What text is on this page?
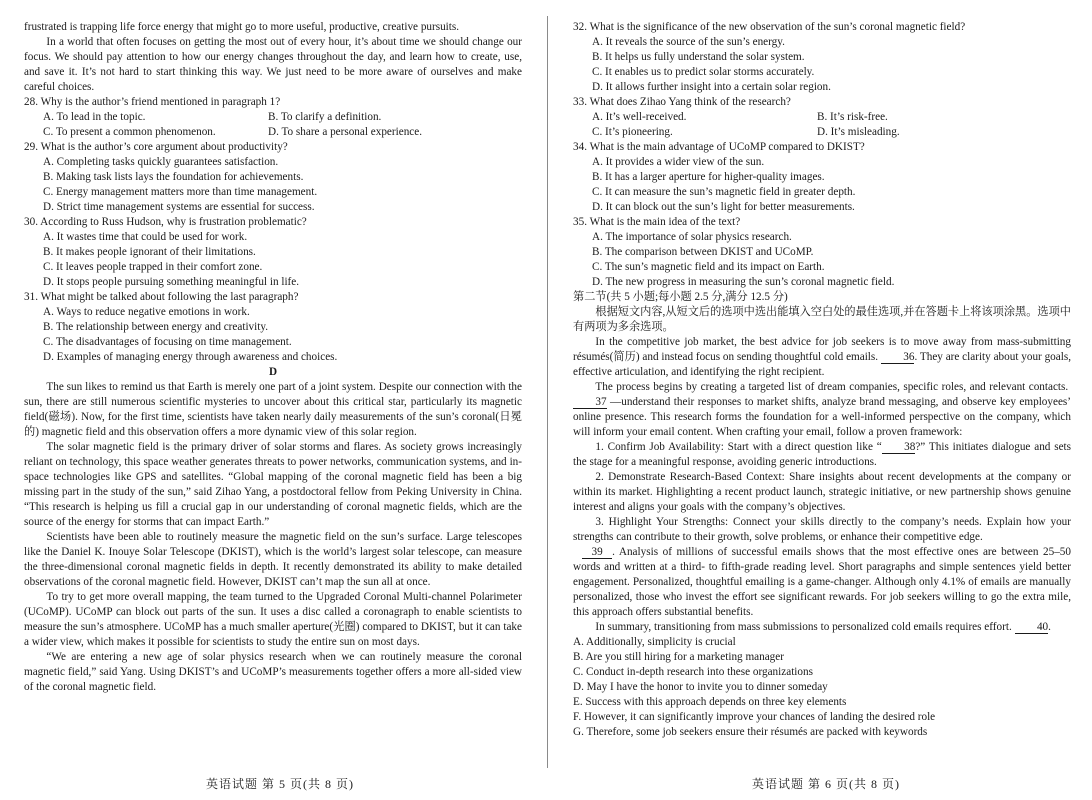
frustrated is trapping life force energy that might go to more useful, productive, creative pursuits.

In a world that often focuses on getting the most out of every hour, it’s about time we should change our focus. We should pay attention to how our energy changes throughout the day, and learn how to create, use, and save it. It’s not hard to start thinking this way. We just need to be more aware of ourselves and make careful choices.

28. Why is the author’s friend mentioned in paragraph 1?

A. To lead in the topic.	B. To clarify a definition.
C. To present a common phenomenon.	D. To share a personal experience.

29. What is the author’s core argument about productivity?

A. Completing tasks quickly guarantees satisfaction.

B. Making task lists lays the foundation for achievements.

C. Energy management matters more than time management.

D. Strict time management systems are essential for success.

30. According to Russ Hudson, why is frustration problematic?

A. It wastes time that could be used for work.

B. It makes people ignorant of their limitations.

C. It leaves people trapped in their comfort zone.

D. It stops people pursuing something meaningful in life.

31. What might be talked about following the last paragraph?

A. Ways to reduce negative emotions in work.

B. The relationship between energy and creativity.

C. The disadvantages of focusing on time management.

D. Examples of managing energy through awareness and choices.

D

The sun likes to remind us that Earth is merely one part of a joint system. Despite our connection with the sun, there are still numerous scientific mysteries to uncover about this critical star, particularly its magnetic field(磁场). Now, for the first time, scientists have taken nearly daily measurements of the sun’s coronal(日冕的) magnetic field and this observation offers a more dynamic view of this solar region.

The solar magnetic field is the primary driver of solar storms and flares. As society grows increasingly reliant on technology, this space weather generates threats to power networks, communication systems, and in-space technologies like GPS and satellites. “Global mapping of the coronal magnetic field has been a big missing part in the study of the sun,” said Zihao Yang, a postdoctoral fellow from Peking University in China. “This research is helping us fill a crucial gap in our understanding of coronal magnetic fields, which are the source of the energy for storms that can impact Earth.”

Scientists have been able to routinely measure the magnetic field on the sun’s surface. Large telescopes like the Daniel K. Inouye Solar Telescope (DKIST), which is the world’s largest solar telescope, can measure the three-dimensional coronal magnetic fields in depth. It recently demonstrated its ability to make detailed observations of the coronal magnetic field. However, DKIST can’t map the sun all at once.

To try to get more overall mapping, the team turned to the Upgraded Coronal Multi-channel Polarimeter (UCoMP). UCoMP can block out parts of the sun. It uses a disc called a coronagraph to enable scientists to measure the sun’s atmosphere. UCoMP has a much smaller aperture(光圈) compared to DKIST, but it can take a wider view, which makes it possible for scientists to study the entire sun on most days.

“We are entering a new age of solar physics research when we can routinely measure the coronal magnetic field,” said Yang. Using DKIST’s and UCoMP’s measurements together offers a more all-sided view of the coronal magnetic field.

32. What is the significance of the new observation of the sun’s coronal magnetic field?

A. It reveals the source of the sun’s energy.

B. It helps us fully understand the solar system.

C. It enables us to predict solar storms accurately.

D. It allows further insight into a certain solar region.

33. What does Zihao Yang think of the research?

A. It’s well-received.	B. It’s risk-free.
C. It’s pioneering.	D. It’s misleading.

34. What is the main advantage of UCoMP compared to DKIST?

A. It provides a wider view of the sun.

B. It has a larger aperture for higher-quality images.

C. It can measure the sun’s magnetic field in greater depth.

D. It can block out the sun’s light for better measurements.

35. What is the main idea of the text?

A. The importance of solar physics research.

B. The comparison between DKIST and UCoMP.

C. The sun’s magnetic field and its impact on Earth.

D. The new progress in measuring the sun’s coronal magnetic field.

第二节(共 5 小题;每小题 2.5 分,满分 12.5 分)

根据短文内容,从短文后的选项中选出能填入空白处的最佳选项,并在答题卡上将该项涂黑。选项中有两项为多余选项。

In the competitive job market, the best advice for job seekers is to move away from mass-submitting résumés(简历) and instead focus on sending thoughtful cold emails. 36. They are clarity about your goals, effective articulation, and identifying the right recipient.

The process begins by creating a targeted list of dream companies, specific roles, and relevant contacts. 37 —understand their responses to market shifts, analyze brand messaging, and observe key employees’ online presence. This research forms the foundation for a well-informed perspective on the company, which will inform your email content. When crafting your email, follow a proven framework:

1. Confirm Job Availability: Start with a direct question like “ 38?” This initiates dialogue and sets the stage for a meaningful response, avoiding generic introductions.

2. Demonstrate Research-Based Context: Share insights about recent developments at the company or within its market. Highlighting a recent product launch, strategic initiative, or new partnership shows genuine interest and aligns your goals with the company’s objectives.

3. Highlight Your Strengths: Connect your skills directly to the company’s needs. Explain how your strengths can contribute to their growth, solve problems, or enhance their competitive edge.

39 . Analysis of millions of successful emails shows that the most effective ones are between 25–50 words and written at a third- to fifth-grade reading level. Short paragraphs and simple sentences yield better engagement. Personalized, thoughtful emailing is a game-changer. Although only 4.1% of emails are manually personalized, those who invest the effort see significant rewards. For job seekers willing to go the extra mile, this approach offers substantial benefits.

In summary, transitioning from mass submissions to personalized cold emails requires effort. 40.

A. Additionally, simplicity is crucial

B. Are you still hiring for a marketing manager

C. Conduct in-depth research into these organizations

D. May I have the honor to invite you to dinner someday

E. Success with this approach depends on three key elements

F. However, it can significantly improve your chances of landing the desired role

G. Therefore, some job seekers ensure their résumés are packed with keywords

英语试题 第 5 页(共 8 页)	英语试题 第 6 页(共 8 页)
